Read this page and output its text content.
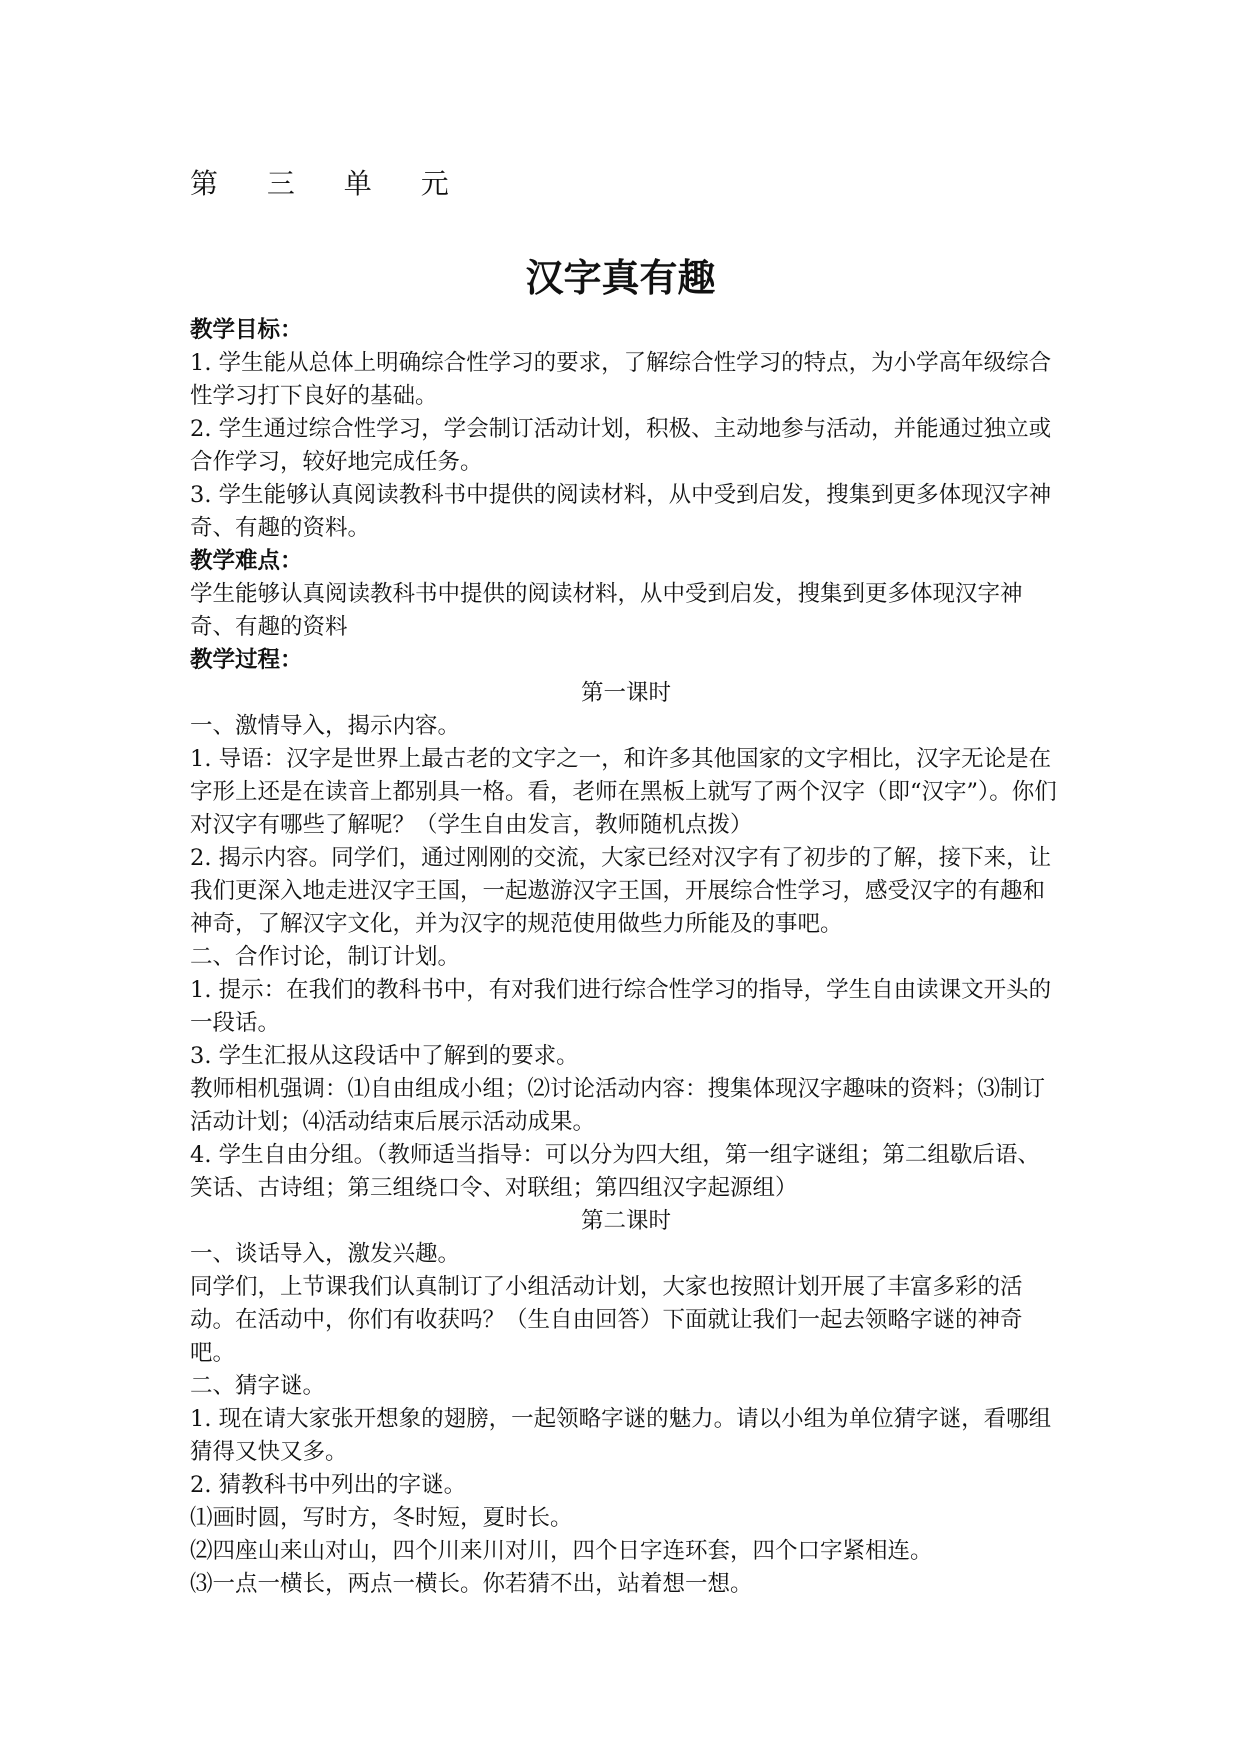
第 三 单 元
汉字真有趣

教学目标：

1. 学生能从总体上明确综合性学习的要求，了解综合性学习的特点，为小学高年级综合性学习打下良好的基础。

2. 学生通过综合性学习，学会制订活动计划，积极、主动地参与活动，并能通过独立或合作学习，较好地完成任务。

3. 学生能够认真阅读教科书中提供的阅读材料，从中受到启发，搜集到更多体现汉字神奇、有趣的资料。

教学难点：

学生能够认真阅读教科书中提供的阅读材料，从中受到启发，搜集到更多体现汉字神奇、有趣的资料

教学过程：

第一课时

一、激情导入，揭示内容。

1. 导语：汉字是世界上最古老的文字之一，和许多其他国家的文字相比，汉字无论是在字形上还是在读音上都别具一格。看，老师在黑板上就写了两个汉字（即“汉字”）。你们对汉字有哪些了解呢？（学生自由发言，教师随机点拨）

2. 揭示内容。同学们，通过刚刚的交流，大家已经对汉字有了初步的了解，接下来，让我们更深入地走进汉字王国，一起遨游汉字王国，开展综合性学习，感受汉字的有趣和神奇，了解汉字文化，并为汉字的规范使用做些力所能及的事吧。

二、合作讨论，制订计划。

1. 提示：在我们的教科书中，有对我们进行综合性学习的指导，学生自由读课文开头的一段话。

3. 学生汇报从这段话中了解到的要求。

教师相机强调：⑴自由组成小组；⑵讨论活动内容：搜集体现汉字趣味的资料；⑶制订活动计划；⑷活动结束后展示活动成果。

4. 学生自由分组。（教师适当指导：可以分为四大组，第一组字谜组；第二组歇后语、笑话、古诗组；第三组绕口令、对联组；第四组汉字起源组）

第二课时

一、谈话导入，激发兴趣。

同学们，上节课我们认真制订了小组活动计划，大家也按照计划开展了丰富多彩的活动。在活动中，你们有收获吗？（生自由回答）下面就让我们一起去领略字谜的神奇吧。

二、猜字谜。

1. 现在请大家张开想象的翅膀，一起领略字谜的魅力。请以小组为单位猜字谜，看哪组猜得又快又多。

2. 猜教科书中列出的字谜。

⑴画时圆，写时方，冬时短，夏时长。

⑵四座山来山对山，四个川来川对川，四个日字连环套，四个口字紧相连。

⑶一点一横长，两点一横长。你若猜不出，站着想一想。
